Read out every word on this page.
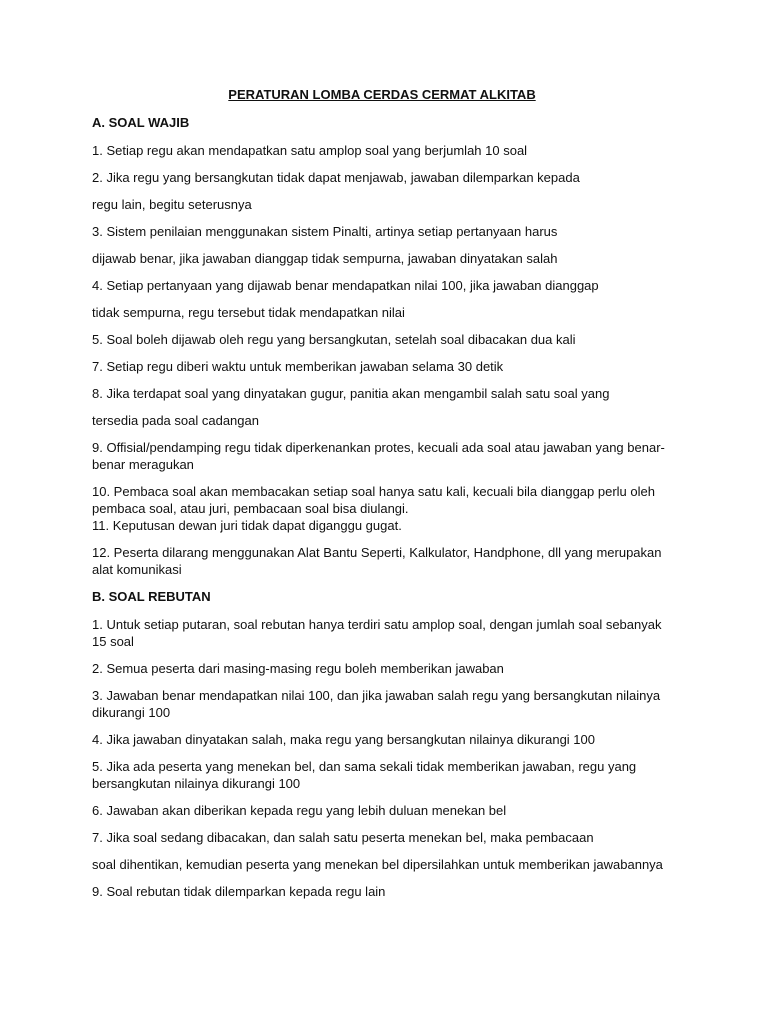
PERATURAN LOMBA CERDAS CERMAT ALKITAB
A. SOAL WAJIB
1. Setiap regu akan mendapatkan satu amplop soal yang berjumlah 10 soal
2. Jika regu yang bersangkutan tidak dapat menjawab, jawaban dilemparkan kepada
regu lain, begitu seterusnya
3. Sistem penilaian menggunakan sistem Pinalti, artinya setiap pertanyaan harus
dijawab benar, jika jawaban dianggap tidak sempurna, jawaban dinyatakan salah
4. Setiap pertanyaan yang dijawab benar mendapatkan nilai 100, jika jawaban dianggap
tidak sempurna, regu tersebut tidak mendapatkan nilai
5. Soal boleh dijawab oleh regu yang bersangkutan, setelah soal dibacakan dua kali
7. Setiap regu diberi waktu untuk memberikan jawaban selama 30 detik
8. Jika terdapat soal yang dinyatakan gugur, panitia akan mengambil salah satu soal yang
tersedia pada soal cadangan
9. Offisial/pendamping regu tidak diperkenankan protes, kecuali ada soal atau jawaban yang benar-benar meragukan
10. Pembaca soal akan membacakan setiap soal hanya satu kali, kecuali bila dianggap perlu oleh pembaca soal, atau juri, pembacaan soal bisa diulangi.
11. Keputusan dewan juri tidak dapat diganggu gugat.
12. Peserta dilarang menggunakan Alat Bantu Seperti, Kalkulator, Handphone, dll yang merupakan alat komunikasi
B. SOAL REBUTAN
1. Untuk setiap putaran, soal rebutan hanya terdiri satu amplop soal, dengan jumlah soal sebanyak 15 soal
2. Semua peserta dari masing-masing regu boleh memberikan jawaban
3. Jawaban benar mendapatkan nilai 100, dan jika jawaban salah regu yang bersangkutan nilainya dikurangi 100
4. Jika jawaban dinyatakan salah, maka regu yang bersangkutan nilainya dikurangi 100
5. Jika ada peserta yang menekan bel, dan sama sekali tidak memberikan jawaban, regu yang bersangkutan nilainya dikurangi 100
6. Jawaban akan diberikan kepada regu yang lebih duluan menekan bel
7. Jika soal sedang dibacakan, dan salah satu peserta menekan bel, maka pembacaan
soal dihentikan, kemudian peserta yang menekan bel dipersilahkan untuk memberikan jawabannya
9. Soal rebutan tidak dilemparkan kepada regu lain
